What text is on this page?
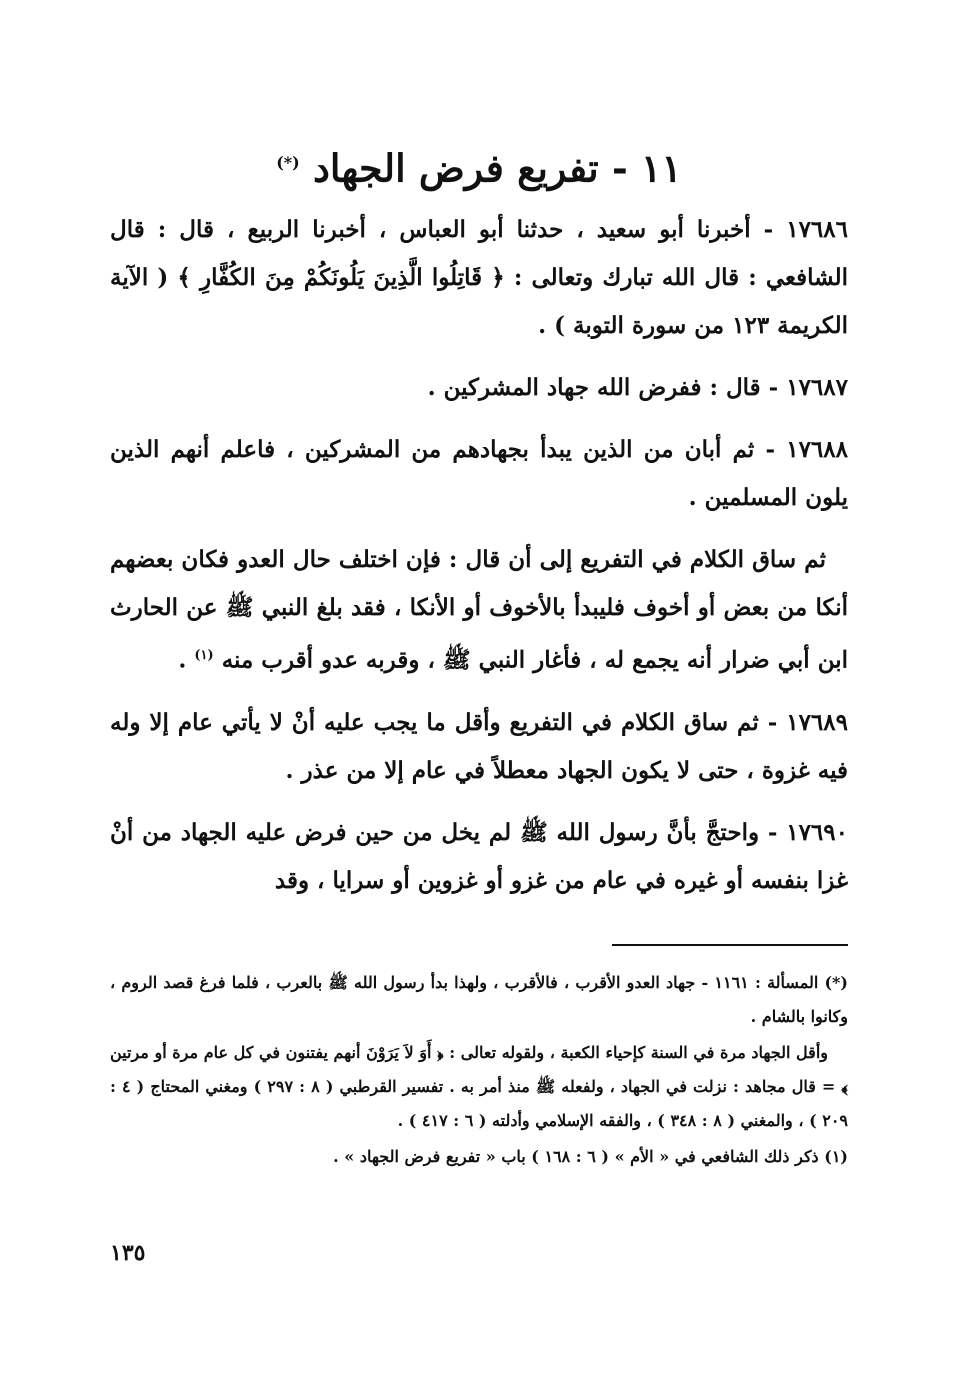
١١ - تفريع فرض الجهاد (*)

١٧٦٨٦ - أخبرنا أبو سعيد ، حدثنا أبو العباس ، أخبرنا الربيع ، قال : قال الشافعي : قال الله تبارك وتعالى : ﴿ قَاتِلُوا الَّذِينَ يَلُونَكُمْ مِنَ الكُفَّارِ ﴾ ( الآية الكريمة ١٢٣ من سورة التوبة ) .

١٧٦٨٧ - قال : ففرض الله جهاد المشركين .

١٧٦٨٨ - ثم أبان من الذين يبدأ بجهادهم من المشركين ، فاعلم أنهم الذين يلون المسلمين .

ثم ساق الكلام في التفريع إلى أن قال : فإن اختلف حال العدو فكان بعضهم أنكا من بعض أو أخوف فليبدأ بالأخوف أو الأنكا ، فقد بلغ النبي ﷺ عن الحارث ابن أبي ضرار أنه يجمع له ، فأغار النبي ﷺ ، وقربه عدو أقرب منه $^{(١)}$ .

١٧٦٨٩ - ثم ساق الكلام في التفريع وأقل ما يجب عليه أنْ لا يأتي عام إلا وله فيه غزوة ، حتى لا يكون الجهاد معطلاً في عام إلا من عذر .

١٧٦٩٠ - واحتجَّ بأنَّ رسول الله ﷺ لم يخل من حين فرض عليه الجهاد من أنْ غزا بنفسه أو غيره في عام من غزو أو غزوين أو سرايا ، وقد

(*) المسألة : ١١٦١ - جهاد العدو الأقرب ، فالأقرب ، ولهذا بدأ رسول الله ﷺ بالعرب ، فلما فرغ قصد الروم ، وكانوا بالشام .

وأقل الجهاد مرة في السنة كإحياء الكعبة ، ولقوله تعالى : ﴿ أَوَ لاَ يَرَوْنَ أنهم يفتنون في كل عام مرة أو مرتين ﴾ = قال مجاهد : نزلت في الجهاد ، ولفعله ﷺ منذ أمر به . تفسير القرطبي ( ٨ : ٢٩٧ ) ومغني المحتاج ( ٤ : ٢٠٩ ) ، والمغني ( ٨ : ٣٤٨ ) ، والفقه الإسلامي وأدلته ( ٦ : ٤١٧ ) .

(١) ذكر ذلك الشافعي في « الأم » ( ٦ : ١٦٨ ) باب « تفريع فرض الجهاد » .

١٣٥
